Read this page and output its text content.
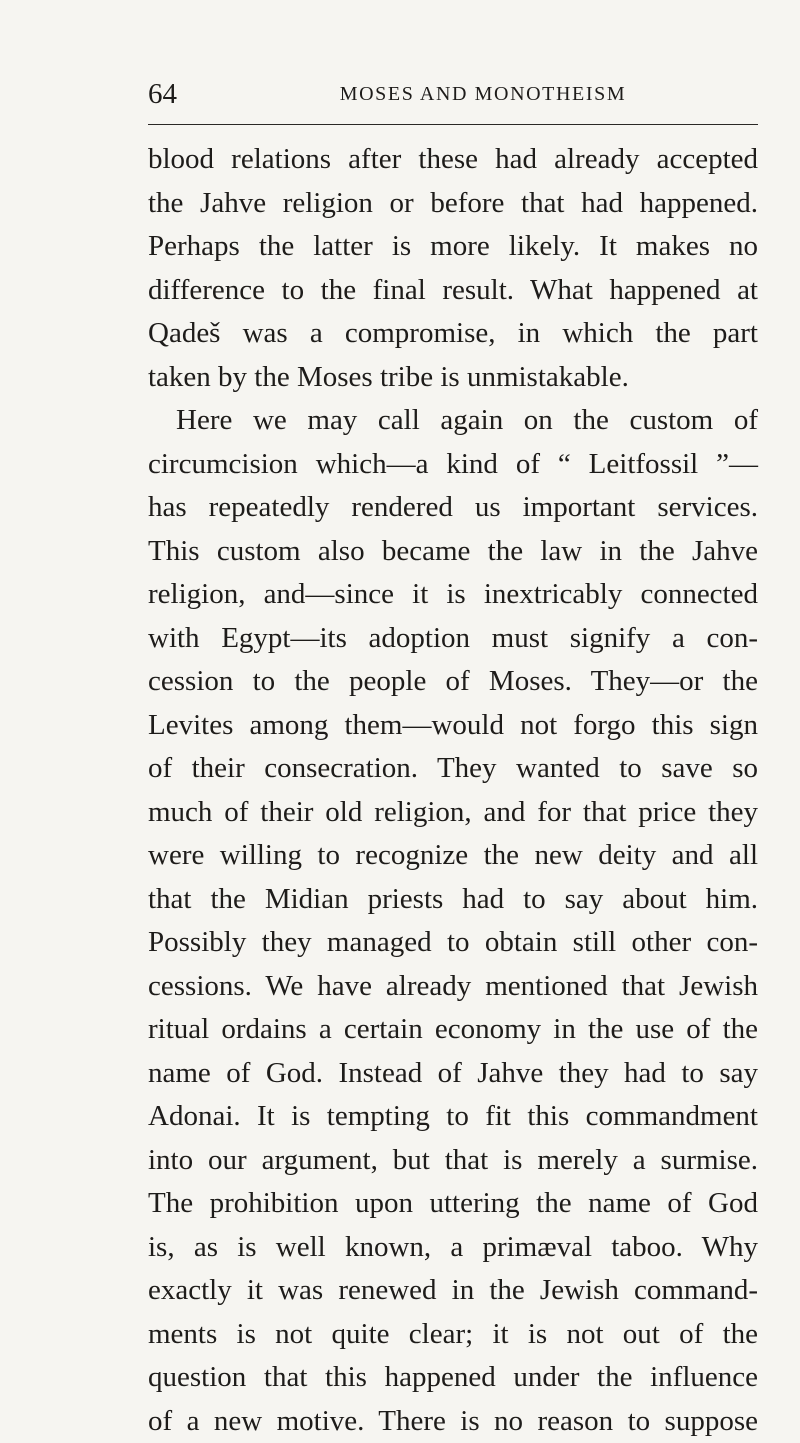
64	MOSES AND MONOTHEISM
blood relations after these had already accepted
the Jahve religion or before that had happened.
Perhaps the latter is more likely. It makes no
difference to the final result. What happened at
Qadeš was a compromise, in which the part
taken by the Moses tribe is unmistakable.
Here we may call again on the custom of
circumcision which—a kind of “ Leitfossil ”—
has repeatedly rendered us important services.
This custom also became the law in the Jahve
religion, and—since it is inextricably connected
with Egypt—its adoption must signify a con-
cession to the people of Moses. They—or the
Levites among them—would not forgo this sign
of their consecration. They wanted to save so
much of their old religion, and for that price they
were willing to recognize the new deity and all
that the Midian priests had to say about him.
Possibly they managed to obtain still other con-
cessions. We have already mentioned that Jewish
ritual ordains a certain economy in the use of the
name of God. Instead of Jahve they had to say
Adonai. It is tempting to fit this commandment
into our argument, but that is merely a surmise.
The prohibition upon uttering the name of God
is, as is well known, a primæval taboo. Why
exactly it was renewed in the Jewish command-
ments is not quite clear; it is not out of the
question that this happened under the influence
of a new motive. There is no reason to suppose
